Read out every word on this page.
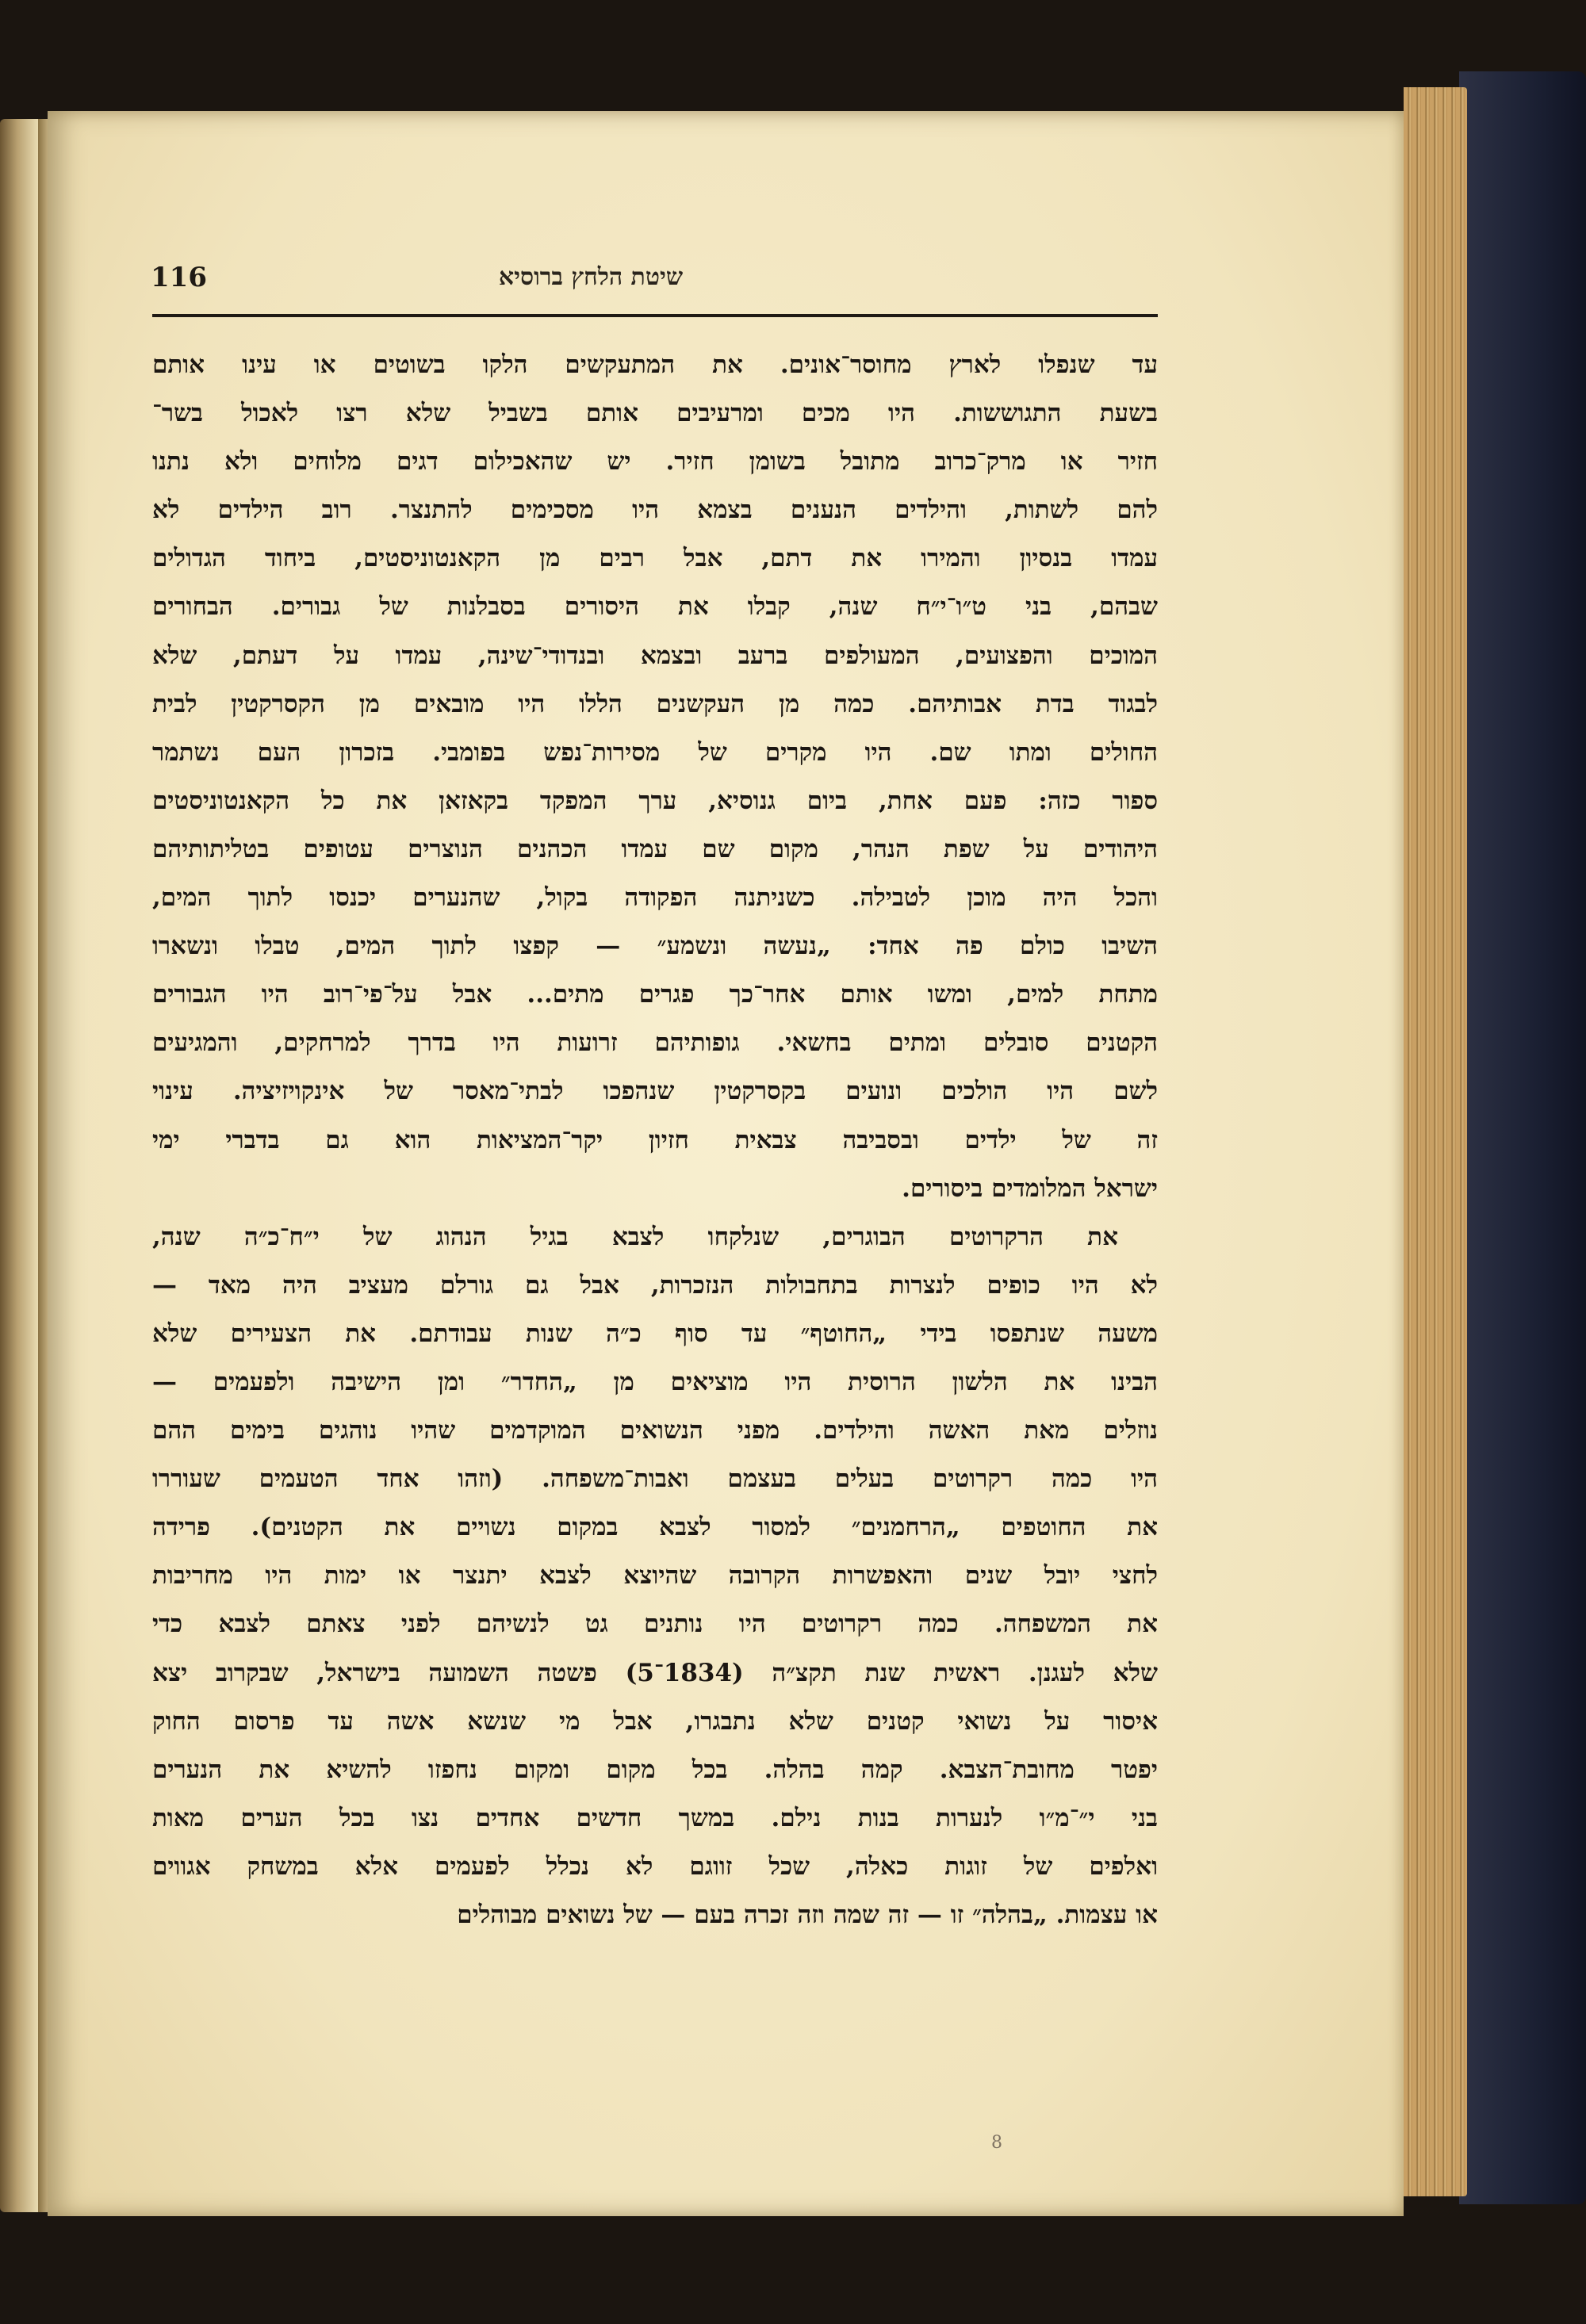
116	שיטת הלחץ ברוסיא
עד שנפלו לארץ מחוסר־אונים. את המתעקשים הלקו בשוטים או עינו אותם
בשעת התגוששות. היו מכים ומרעיבים אותם בשביל שלא רצו לאכול בשר־
חזיר או מרק־כרוב מתובל בשומן חזיר. יש שהאכילום דגים מלוחים ולא נתנו
להם לשתות, והילדים הנענים בצמא היו מסכימים להתנצר. רוב הילדים לא
עמדו בנסיון והמירו את דתם, אבל רבים מן הקאנטוניסטים, ביחוד הגדולים
שבהם, בני ט״ו־י״ח שנה, קבלו את היסורים בסבלנות של גבורים. הבחורים
המוכים והפצועים, המעולפים ברעב ובצמא ובנדודי־שינה, עמדו על דעתם, שלא
לבגוד בדת אבותיהם. כמה מן העקשנים הללו היו מובאים מן הקסרקטין לבית
החולים ומתו שם. היו מקרים של מסירות־נפש בפומבי. בזכרון העם נשתמר
ספור כזה: פעם אחת, ביום גנוסיא, ערך המפקד בקאזאן את כל הקאנטוניסטים
היהודים על שפת הנהר, מקום שם עמדו הכהנים הנוצרים עטופים בטליתותיהם
והכל היה מוכן לטבילה. כשניתנה הפקודה בקול, שהנערים יכנסו לתוך המים,
השיבו כולם פה אחד: „נעשה ונשמע״ — קפצו לתוך המים, טבלו ונשארו
מתחת למים, ומשו אותם אחר־כך פגרים מתים... אבל על־פי־רוב היו הגבורים
הקטנים סובלים ומתים בחשאי. גופותיהם זרועות היו בדרך למרחקים, והמגיעים
לשם היו הולכים ונועים בקסרקטין שנהפכו לבתי־מאסר של אינקויזיציה. עינוי
זה של ילדים ובסביבה צבאית חזיון יקר־המציאות הוא גם בדברי ימי
ישראל המלומדים ביסורים.
את הרקרוטים הבוגרים, שנלקחו לצבא בגיל הנהוג של י״ח־כ״ה שנה,
לא היו כופים לנצרות בתחבולות הנזכרות, אבל גם גורלם מעציב היה מאד —
משעה שנתפסו בידי „החוטף״ עד סוף כ״ה שנות עבודתם. את הצעירים שלא
הבינו את הלשון הרוסית היו מוציאים מן „החדר״ ומן הישיבה ולפעמים —
נוזלים מאת האשה והילדים. מפני הנשואים המוקדמים שהיו נוהגים בימים ההם
היו כמה רקרוטים בעלים בעצמם ואבות־משפחה. (וזהו אחד הטעמים שעוררו
את החוטפים „הרחמנים״ למסור לצבא במקום נשויים את הקטנים). פרידה
לחצי יובל שנים והאפשרות הקרובה שהיוצא לצבא יתנצר או ימות היו מחריבות
את המשפחה. כמה רקרוטים היו נותנים גט לנשיהם לפני צאתם לצבא כדי
שלא לעגנן. ראשית שנת תקצ״ה (1834־5) פשטה השמועה בישראל, שבקרוב יצא
איסור על נשואי קטנים שלא נתבגרו, אבל מי שנשא אשה עד פרסום החוק
יפטר מחובת־הצבא. קמה בהלה. בכל מקום ומקום נחפזו להשיא את הנערים
בני י״־מ״ו לנערות בנות נילם. במשך חדשים אחדים נצו בכל הערים מאות
ואלפים של זוגות כאלה, שכל זווגם לא נכלל לפעמים אלא במשחק אגווים
או עצמות. „בהלה״ זו — זה שמה וזה זכרה בעם — של נשואים מבוהלים
8
